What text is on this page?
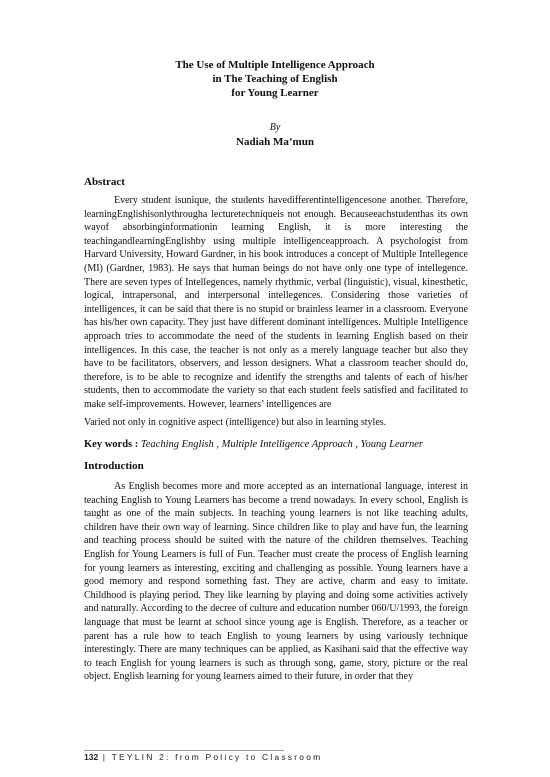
The Use of Multiple Intelligence Approach
in The Teaching of English
for Young Learner
By
Nadiah Ma’mun
Abstract

Every student isunique, the students havedifferentintelligencesone another. Therefore, learningEnglishisonlythrougha lecturetechniqueis not enough. Becauseeachstudenthas its own wayof absorbinginformationin learning English, it is more interesting the teachingandlearningEnglishby using multiple intelligenceapproach. A psychologist from Harvard University, Howard Gardner, in his book introduces a concept of Multiple Intellegence (MI) (Gardner, 1983). He says that human beings do not have only one type of intellegence. There are seven types of Intellegences, namely rhythmic, verbal (linguistic), visual, kinesthetic, logical, intrapersonal, and interpersonal intellegences. Considering those varieties of intelligences, it can be said that there is no stupid or brainless learner in a classroom. Everyone has his/her own capacity. They just have different dominant intelligences. Multiple Intelligence approach tries to accommodate the need of the students in learning English based on their intelligences. In this case, the teacher is not only as a merely language teacher but also they have to be facilitators, observers, and lesson designers. What a classroom teacher should do, therefore, is to be able to recognize and identify the strengths and talents of each of his/her students, then to accommodate the variety so that each student feels satisfied and facilitated to make self-improvements. However, learners’ intelligences are

Varied not only in cognitive aspect (intelligence) but also in learning styles.

Key words : Teaching English , Multiple Intelligence Approach , Young Learner
Introduction

As English becomes more and more accepted as an international language, interest in teaching English to Young Learners has become a trend nowadays. In every school, English is taught as one of the main subjects. In teaching young learners is not like teaching adults, children have their own way of learning. Since children like to play and have fun, the learning and teaching process should be suited with the nature of the children themselves. Teaching English for Young Learners is full of Fun. Teacher must create the process of English learning for young learners as interesting, exciting and challenging as possible. Young learners have a good memory and respond something fast. They are active, charm and easy to imitate. Childhood is playing period. They like learning by playing and doing some activities actively and naturally. According to the decree of culture and education number 060/U/1993, the foreign language that must be learnt at school since young age is English. Therefore, as a teacher or parent has a rule how to teach English to young learners by using variously technique interestingly. There are many techniques can be applied, as Kasihani said that the effective way to teach English for young learners is such as through song, game, story, picture or the real object. English learning for young learners aimed to their future, in order that they

132 | TEYLIN 2: from Policy to Classroom
